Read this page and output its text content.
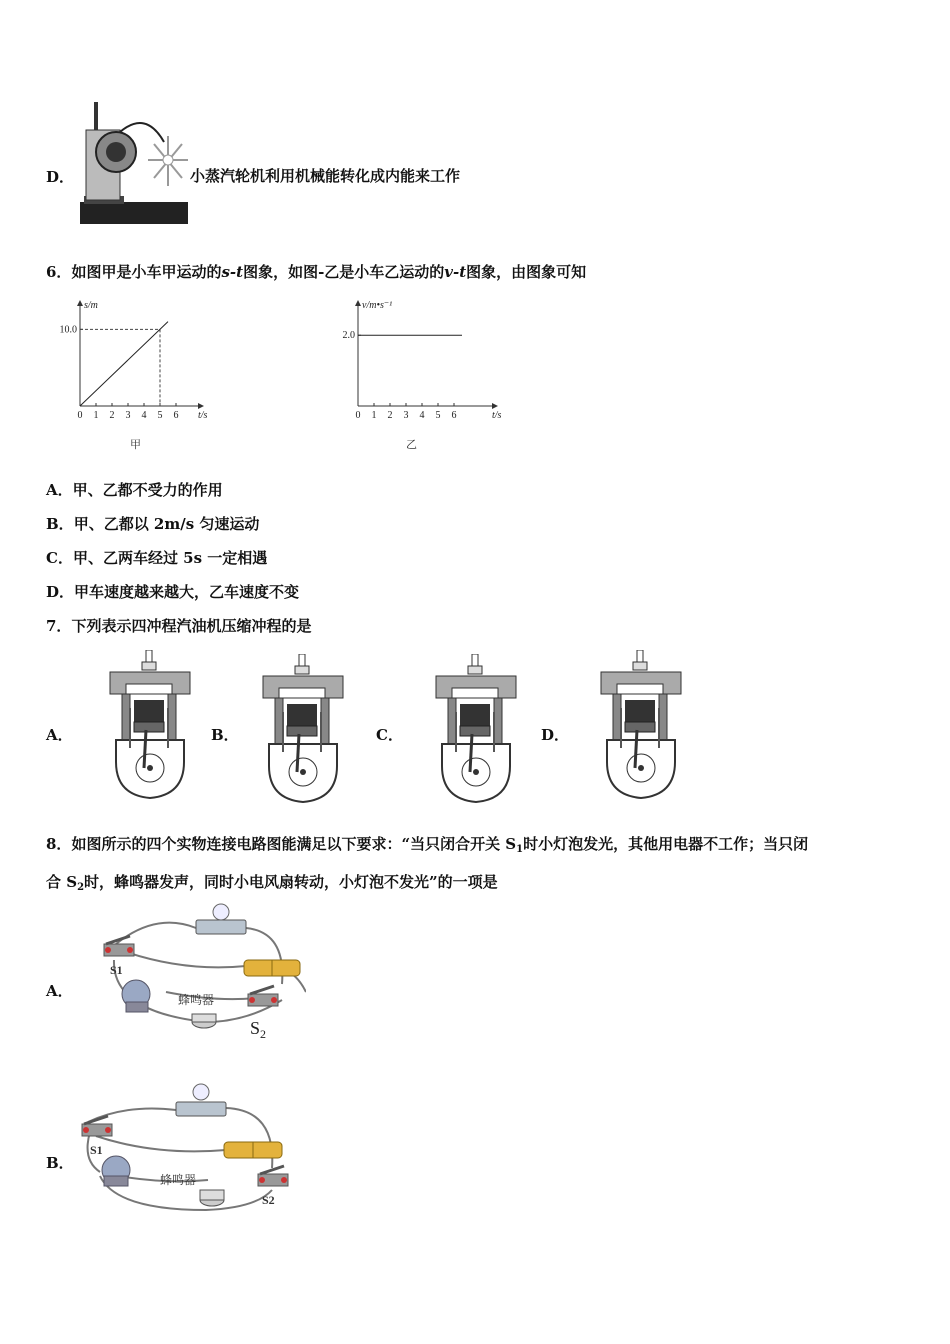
D．	小蒸汽轮机利用机械能转化成内能来工作
6．如图甲是小车甲运动的s-t图象，如图-乙是小车乙运动的v-t图象，由图象可知
s/m
t/s
0 1 2 3 4 5 6
10.0
甲
v/m•s⁻¹
t/s
0 1 2 3 4 5 6
2.0
乙
A．甲、乙都不受力的作用
B．甲、乙都以 2m/s 匀速运动
C．甲、乙两车经过 5s 一定相遇
D．甲车速度越来越大，乙车速度不变
7．下列表示四冲程汽油机压缩冲程的是
A．	B．	C．	D．
8．如图所示的四个实物连接电路图能满足以下要求：“当只闭合开关 $S_1$时小灯泡发光，其他用电器不工作；当只闭
合 $S_2$时，蜂鸣器发声，同时小电风扇转动，小灯泡不发光”的一项是
A．
S1
蜂鸣器
$S_2$
B．
S1
蜂鸣器
S2
